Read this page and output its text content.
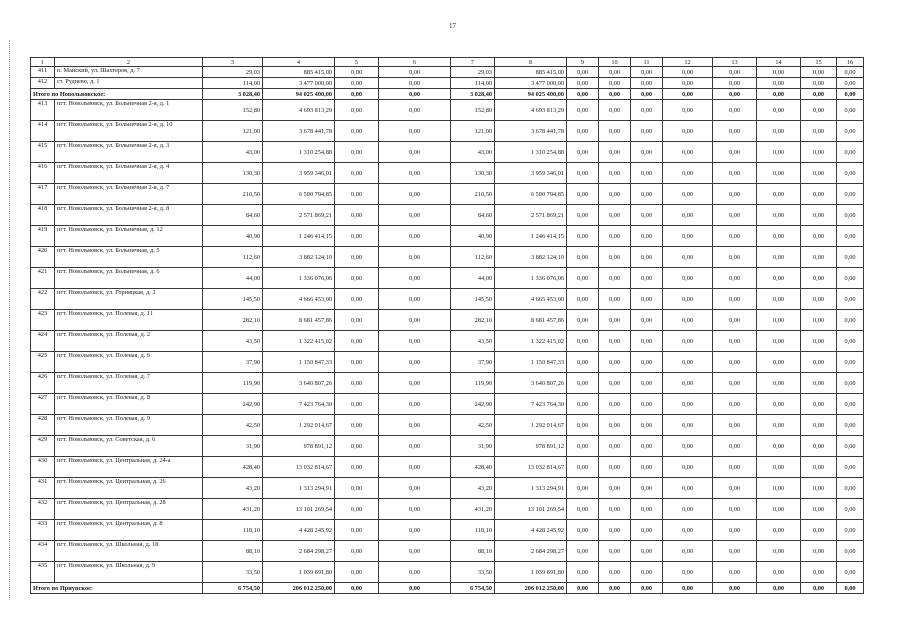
17
1	2	3	4	5	6	7	8	9	10	11	12	13	14	15	16
411	п. Майский, ул. Шахтеров, д. 7	29,03	885 415,00	0,00	0,00	29,03	885 415,00	0,00	0,00	0,00	0,00	0,00	0,00	0,00	0,00
412	ст. Руднево, д. 1	114,00	3 477 000,00	0,00	0,00	114,00	3 477 000,00	0,00	0,00	0,00	0,00	0,00	0,00	0,00	0,00
Итого по Новольвовское:		3 028,40	94 025 400,00	0,00	0,00	3 028,40	94 025 400,00	0,00	0,00	0,00	0,00	0,00	0,00	0,00	0,00
413	пгт. Новольвовск, ул. Больничная 2-я, д. 1	152,80	4 693 813,29	0,00	0,00	152,80	4 693 813,29	0,00	0,00	0,00	0,00	0,00	0,00	0,00	0,00
414	пгт. Новольвовск, ул. Больничная 2-я, д. 10	121,00	3 678 441,78	0,00	0,00	121,00	3 678 441,78	0,00	0,00	0,00	0,00	0,00	0,00	0,00	0,00
415	пгт. Новольвовск, ул. Больничная 2-я, д. 3	43,00	1 310 254,88	0,00	0,00	43,00	1 310 254,88	0,00	0,00	0,00	0,00	0,00	0,00	0,00	0,00
416	пгт. Новольвовск, ул. Больничная 2-я, д. 4	130,30	3 959 346,01	0,00	0,00	130,30	3 959 346,01	0,00	0,00	0,00	0,00	0,00	0,00	0,00	0,00
417	пгт. Новольвовск, ул. Больничная 2-я, д. 7	210,50	6 590 794,85	0,00	0,00	210,50	6 590 794,85	0,00	0,00	0,00	0,00	0,00	0,00	0,00	0,00
418	пгт. Новольвовск, ул. Больничная 2-я, д. 8	84,60	2 571 869,21	0,00	0,00	84,60	2 571 869,21	0,00	0,00	0,00	0,00	0,00	0,00	0,00	0,00
419	пгт. Новольвовск, ул. Больничная, д. 12	40,90	1 246 414,15	0,00	0,00	40,90	1 246 414,15	0,00	0,00	0,00	0,00	0,00	0,00	0,00	0,00
420	пгт. Новольвовск, ул. Больничная, д. 5	112,60	3 882 124,10	0,00	0,00	112,60	3 882 124,10	0,00	0,00	0,00	0,00	0,00	0,00	0,00	0,00
421	пгт. Новольвовск, ул. Больничная, д. 6	44,00	1 336 076,06	0,00	0,00	44,00	1 336 076,06	0,00	0,00	0,00	0,00	0,00	0,00	0,00	0,00
422	пгт. Новольвовск, ул. Горняцкая, д. 2	145,50	4 666 453,00	0,00	0,00	145,50	4 665 453,00	0,00	0,00	0,00	0,00	0,00	0,00	0,00	0,00
423	пгт. Новольвовск, ул. Полевая, д. 11	282,10	8 681 457,86	0,00	0,00	282,10	8 681 457,86	0,00	0,00	0,00	0,00	0,00	0,00	0,00	0,00
424	пгт. Новольвовск, ул. Полевая, д. 2	43,50	1 322 415,02	0,00	0,00	43,50	1 322 415,02	0,00	0,00	0,00	0,00	0,00	0,00	0,00	0,00
425	пгт. Новольвовск, ул. Полевая, д. 6	37,90	1 150 847,33	0,00	0,00	37,90	1 150 847,33	0,00	0,00	0,00	0,00	0,00	0,00	0,00	0,00
426	пгт. Новольвовск, ул. Полевая, д. 7	119,90	3 640 807,26	0,00	0,00	119,90	3 640 807,26	0,00	0,00	0,00	0,00	0,00	0,00	0,00	0,00
427	пгт. Новольвовск, ул. Полевая, д. 8	242,90	7 423 764,30	0,00	0,00	242,90	7 423 764,30	0,00	0,00	0,00	0,00	0,00	0,00	0,00	0,00
428	пгт. Новольвовск, ул. Полевая, д. 9	42,50	1 292 014,67	0,00	0,00	42,50	1 292 014,67	0,00	0,00	0,00	0,00	0,00	0,00	0,00	0,00
429	пгт. Новольвовск, ул. Советская, д. 6	31,90	978 891,12	0,00	0,00	31,90	978 891,12	0,00	0,00	0,00	0,00	0,00	0,00	0,00	0,00
430	пгт. Новольвовск, ул. Центральная, д. 24-а	428,40	13 032 814,67	0,00	0,00	428,40	13 032 814,67	0,00	0,00	0,00	0,00	0,00	0,00	0,00	0,00
431	пгт. Новольвовск, ул. Центральная, д. 26	43,20	1 313 294,91	0,00	0,00	43,20	1 313 294,91	0,00	0,00	0,00	0,00	0,00	0,00	0,00	0,00
432	пгт. Новольвовск, ул. Центральная, д. 28	431,20	13 101 269,54	0,00	0,00	431,20	13 101 269,54	0,00	0,00	0,00	0,00	0,00	0,00	0,00	0,00
433	пгт. Новольвовск, ул. Центральная, д. 8	118,10	4 428 245,92	0,00	0,00	118,10	4 428 245,92	0,00	0,00	0,00	0,00	0,00	0,00	0,00	0,00
434	пгт. Новольвовск, ул. Школьная, д. 18	88,10	2 684 298,27	0,00	0,00	88,10	2 684 298,27	0,00	0,00	0,00	0,00	0,00	0,00	0,00	0,00
435	пгт. Новольвовск, ул. Школьная, д. 9	33,50	1 039 691,80	0,00	0,00	33,50	1 039 691,80	0,00	0,00	0,00	0,00	0,00	0,00	0,00	0,00
Итого по Приупское:		6 754,50	206 012 250,00	0,00	0,00	6 754,50	206 012 250,00	0,00	0,00	0,00	0,00	0,00	0,00	0,00	0,00
